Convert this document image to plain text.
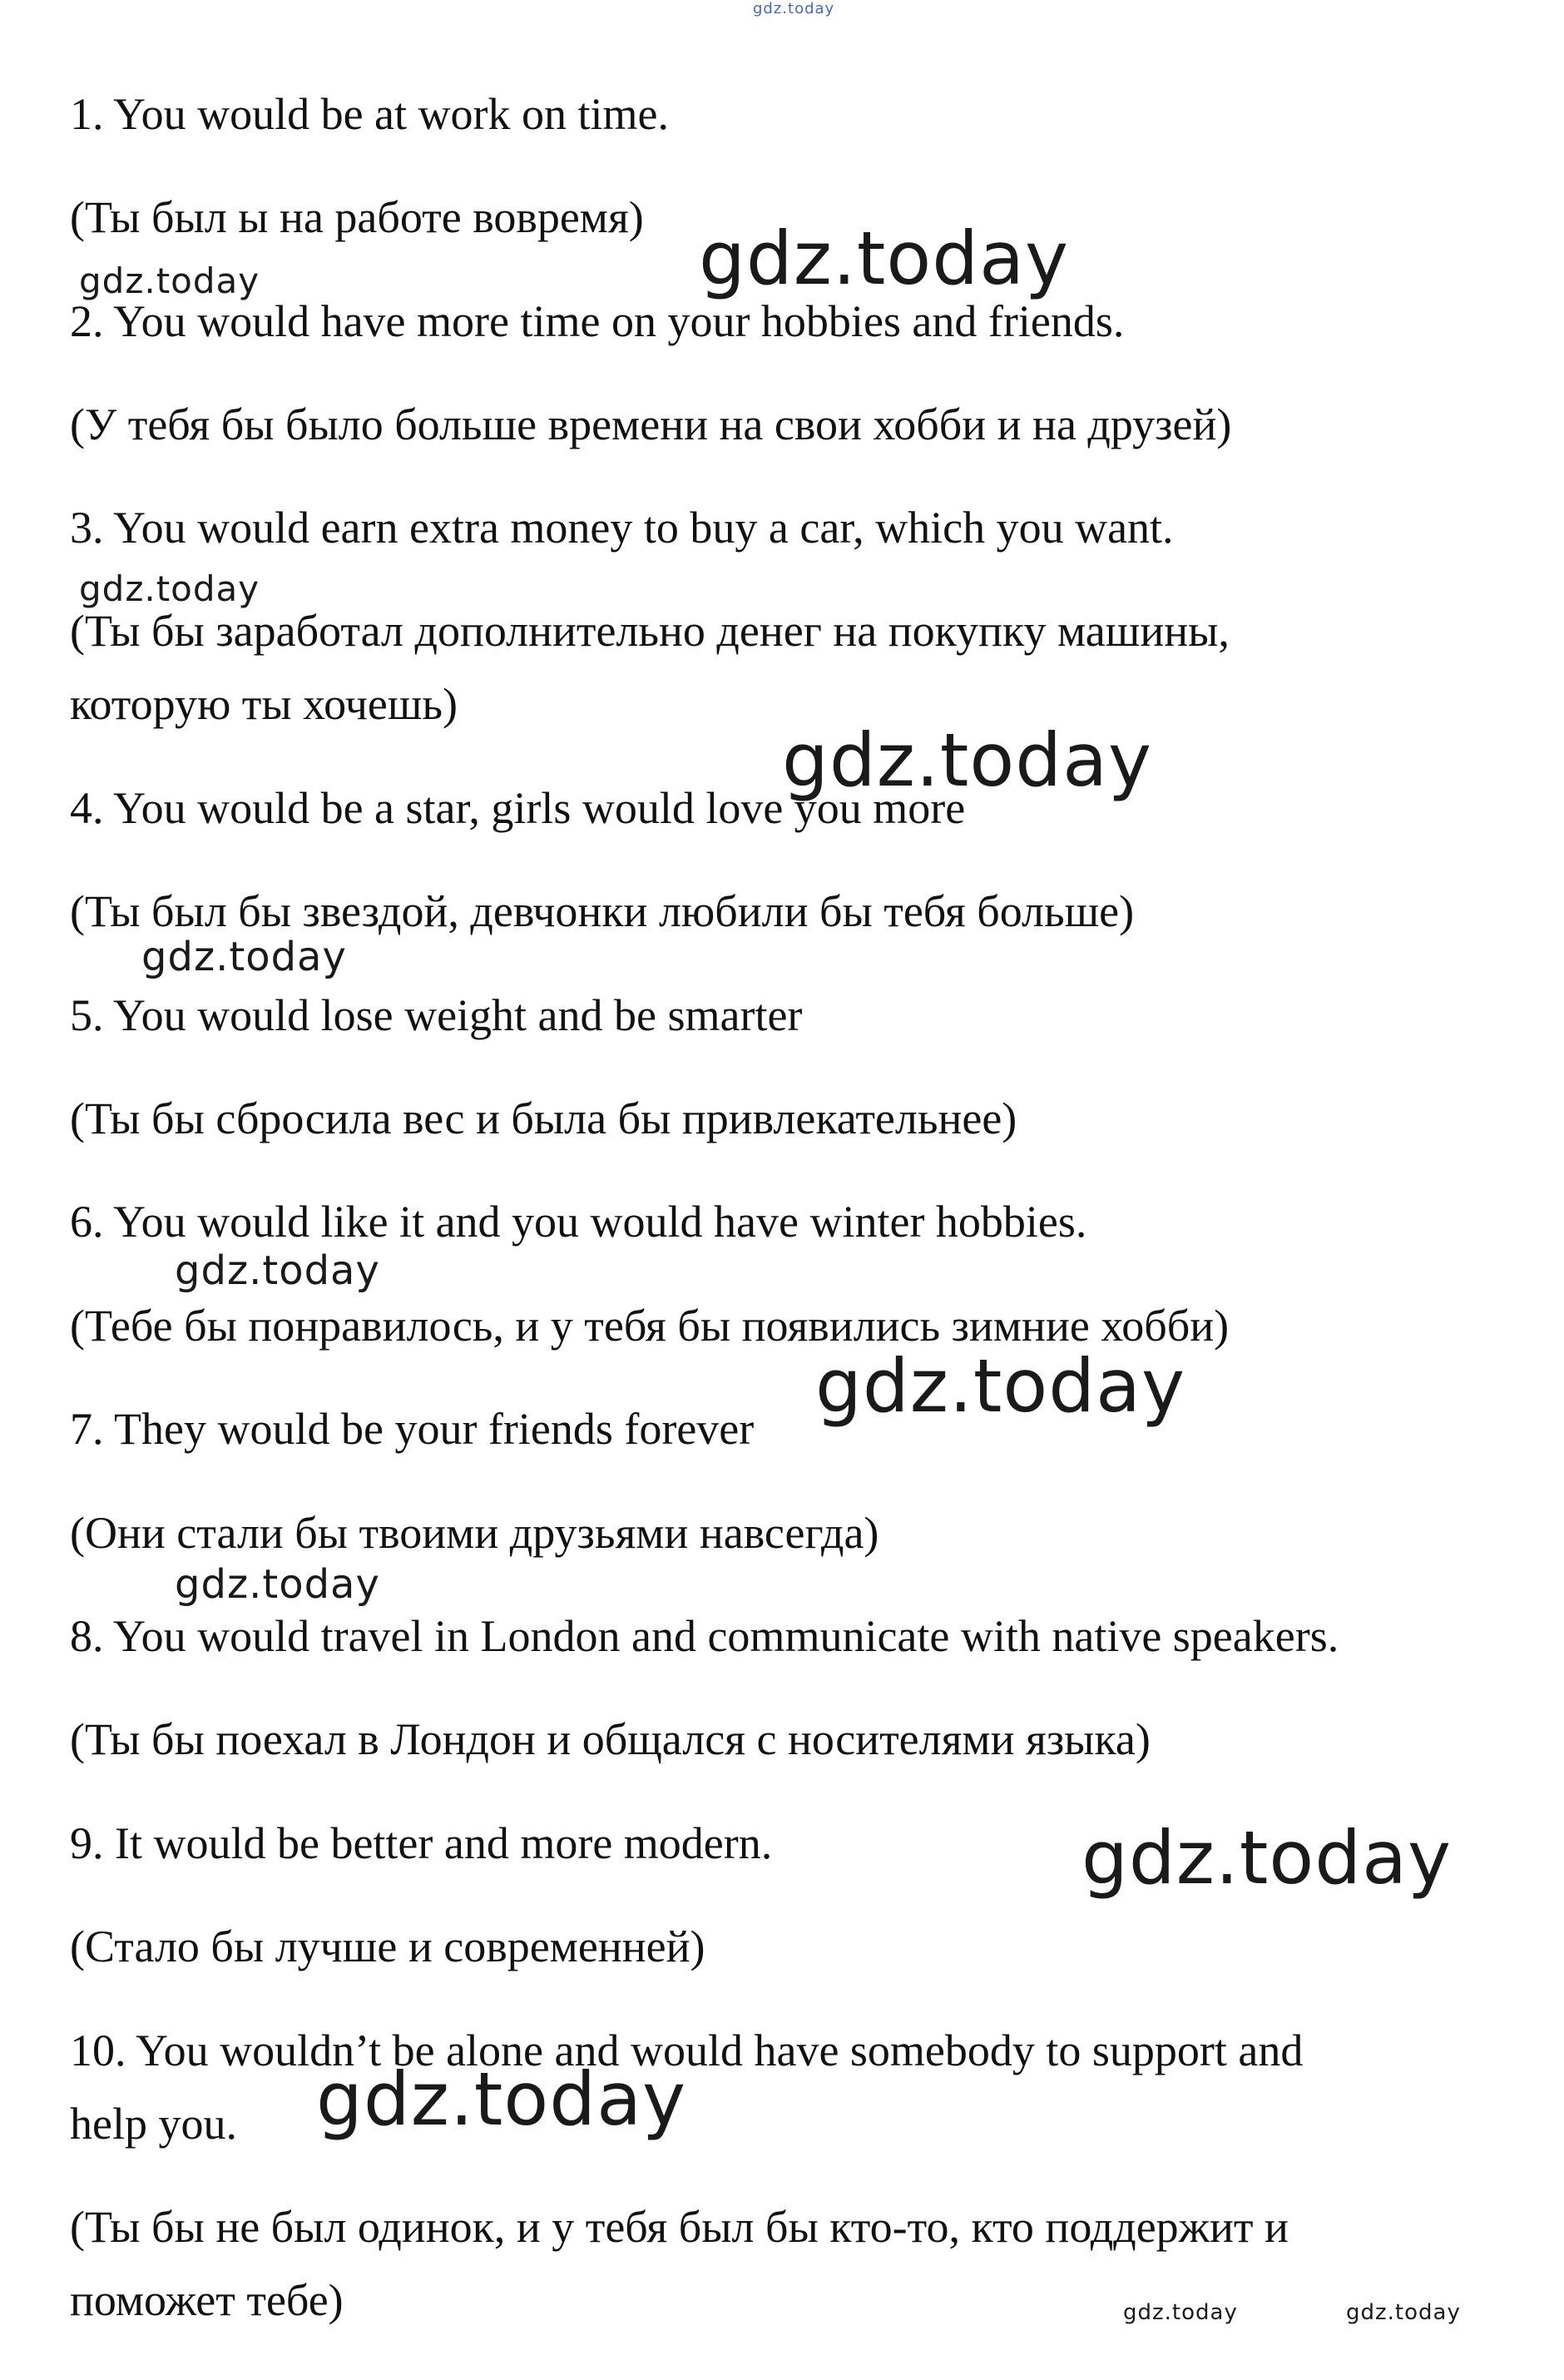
1. You would be at work on time.
(Ты был ы на работе вовремя)
2. You would have more time on your hobbies and friends.
(У тебя бы было больше времени на свои хобби и на друзей)
3. You would earn extra money to buy a car, which you want.
(Ты бы заработал дополнительно денег на покупку машины,
которую ты хочешь)
4. You would be a star, girls would love you more
(Ты был бы звездой, девчонки любили бы тебя больше)
5. You would lose weight and be smarter
(Ты бы сбросила вес и была бы привлекательнее)
6. You would like it and you would have winter hobbies.
(Тебе бы понравилось, и у тебя бы появились зимние хобби)
7. They would be your friends forever
(Они стали бы твоими друзьями навсегда)
8. You would travel in London and communicate with native speakers.
(Ты бы поехал в Лондон и общался с носителями языка)
9. It would be better and more modern.
(Стало бы лучше и современней)
10. You wouldn’t be alone and would have somebody to support and
help you.
(Ты бы не был одинок, и у тебя был бы кто-то, кто поддержит и
поможет тебе)
gdz.today
gdz.today
gdz.today
gdz.today
gdz.today
gdz.today
gdz.today
gdz.today
gdz.today
gdz.today
gdz.today
gdz.today	gdz.today
